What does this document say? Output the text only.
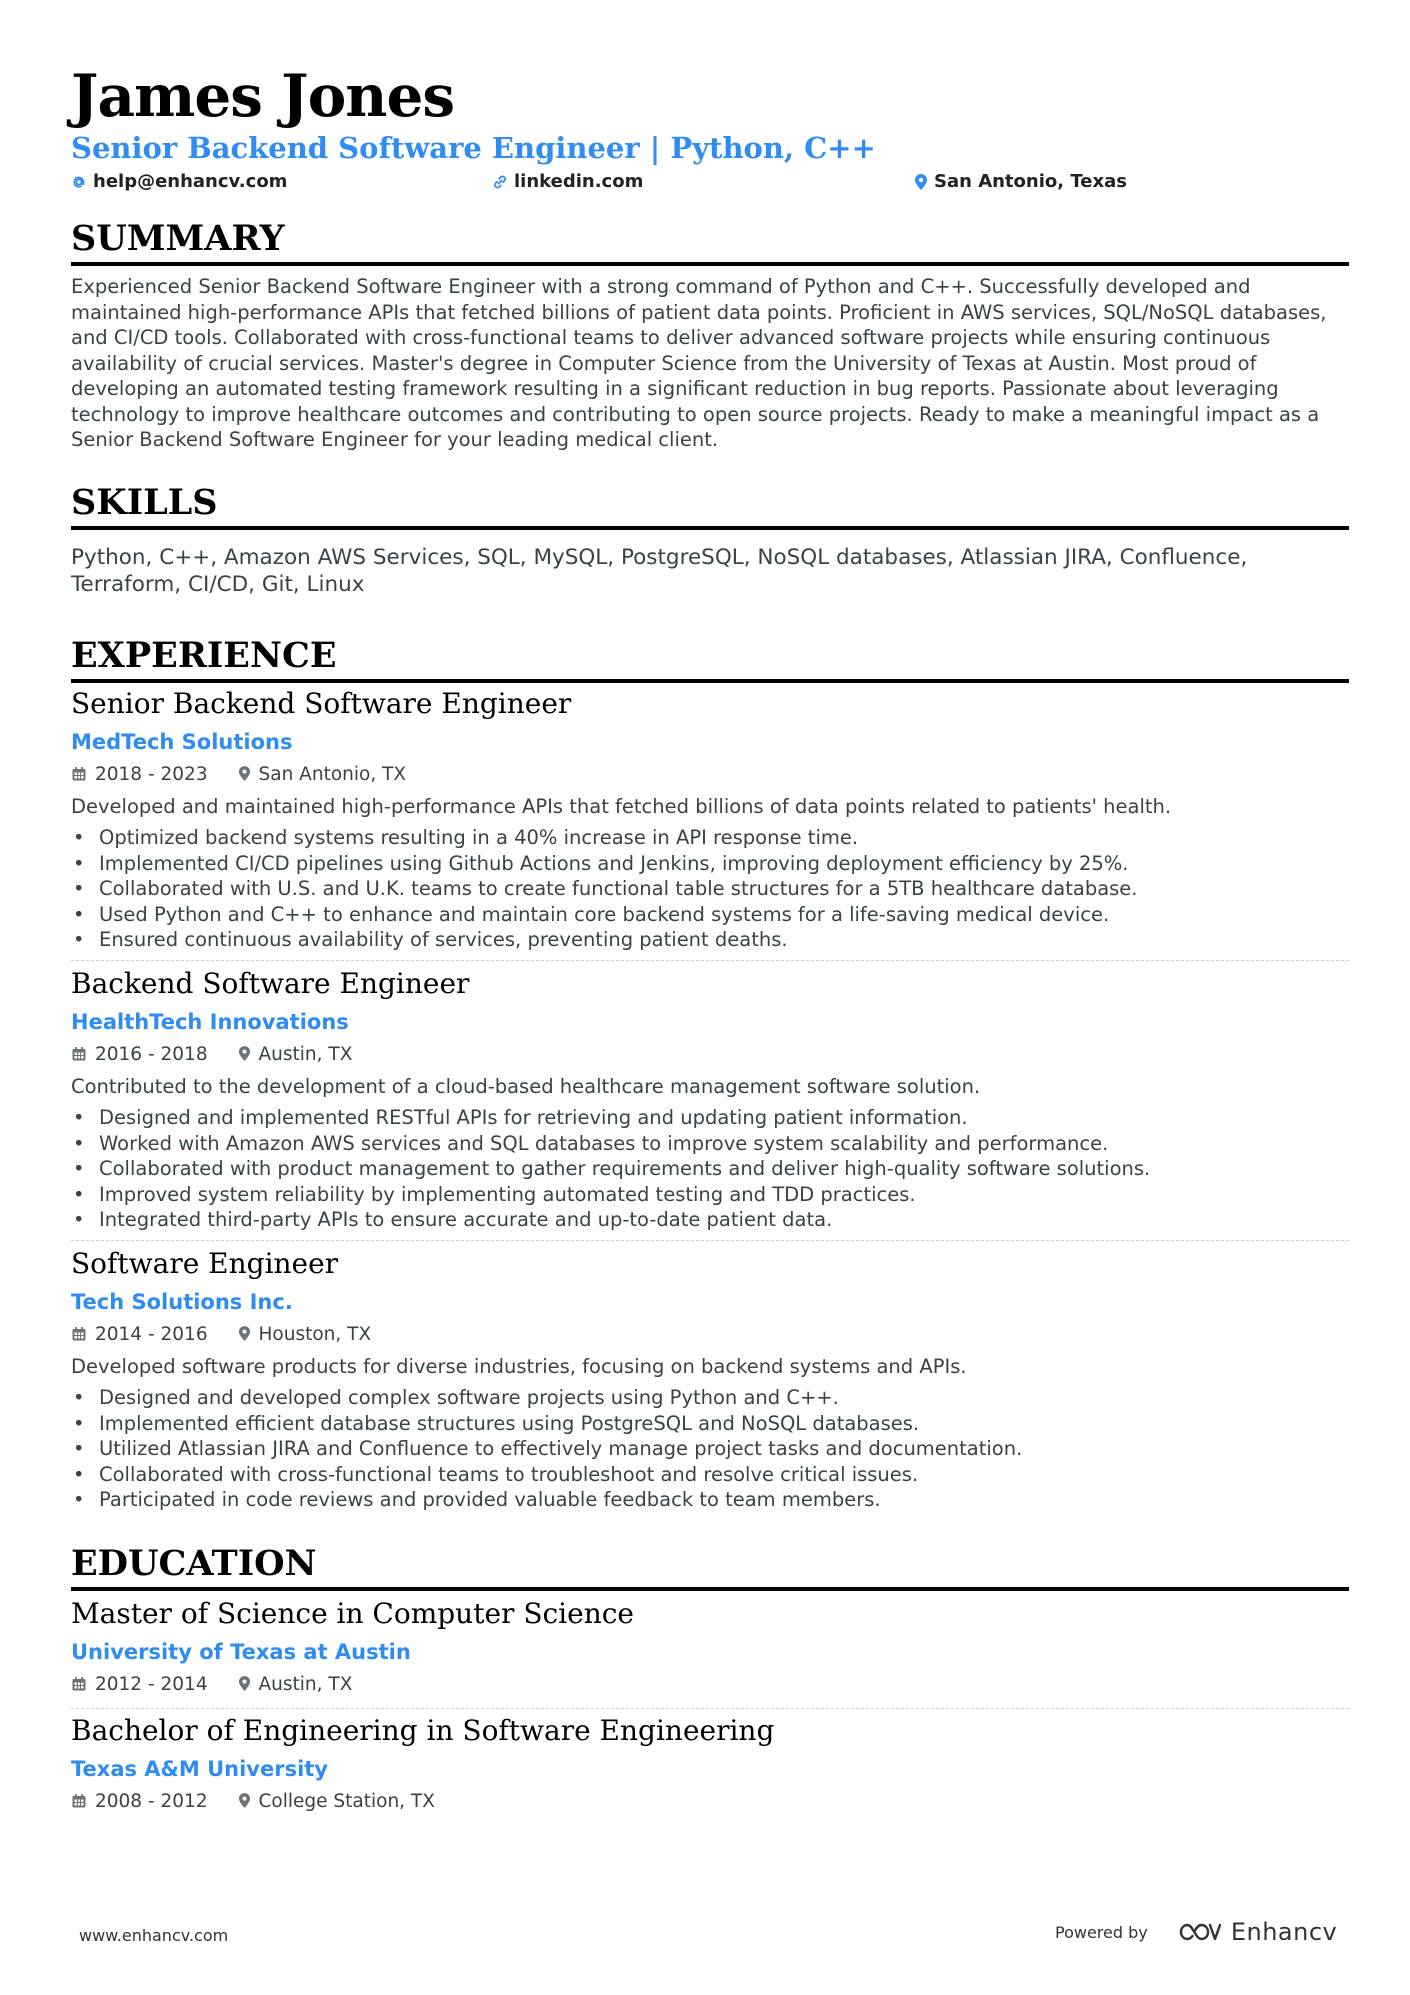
James Jones
Senior Backend Software Engineer | Python, C++
help@enhancv.com	linkedin.com	San Antonio, Texas
SUMMARY
Experienced Senior Backend Software Engineer with a strong command of Python and C++. Successfully developed and maintained high-performance APIs that fetched billions of patient data points. Proficient in AWS services, SQL/NoSQL databases, and CI/CD tools. Collaborated with cross-functional teams to deliver advanced software projects while ensuring continuous availability of crucial services. Master's degree in Computer Science from the University of Texas at Austin. Most proud of developing an automated testing framework resulting in a significant reduction in bug reports. Passionate about leveraging technology to improve healthcare outcomes and contributing to open source projects. Ready to make a meaningful impact as a Senior Backend Software Engineer for your leading medical client.
SKILLS
Python, C++, Amazon AWS Services, SQL, MySQL, PostgreSQL, NoSQL databases, Atlassian JIRA, Confluence, Terraform, CI/CD, Git, Linux
EXPERIENCE
Senior Backend Software Engineer
MedTech Solutions
2018 - 2023	San Antonio, TX
Developed and maintained high-performance APIs that fetched billions of data points related to patients' health.
• Optimized backend systems resulting in a 40% increase in API response time.
• Implemented CI/CD pipelines using Github Actions and Jenkins, improving deployment efficiency by 25%.
• Collaborated with U.S. and U.K. teams to create functional table structures for a 5TB healthcare database.
• Used Python and C++ to enhance and maintain core backend systems for a life-saving medical device.
• Ensured continuous availability of services, preventing patient deaths.
Backend Software Engineer
HealthTech Innovations
2016 - 2018	Austin, TX
Contributed to the development of a cloud-based healthcare management software solution.
• Designed and implemented RESTful APIs for retrieving and updating patient information.
• Worked with Amazon AWS services and SQL databases to improve system scalability and performance.
• Collaborated with product management to gather requirements and deliver high-quality software solutions.
• Improved system reliability by implementing automated testing and TDD practices.
• Integrated third-party APIs to ensure accurate and up-to-date patient data.
Software Engineer
Tech Solutions Inc.
2014 - 2016	Houston, TX
Developed software products for diverse industries, focusing on backend systems and APIs.
• Designed and developed complex software projects using Python and C++.
• Implemented efficient database structures using PostgreSQL and NoSQL databases.
• Utilized Atlassian JIRA and Confluence to effectively manage project tasks and documentation.
• Collaborated with cross-functional teams to troubleshoot and resolve critical issues.
• Participated in code reviews and provided valuable feedback to team members.
EDUCATION
Master of Science in Computer Science
University of Texas at Austin
2012 - 2014	Austin, TX
Bachelor of Engineering in Software Engineering
Texas A&M University
2008 - 2012	College Station, TX
www.enhancv.com	Powered by	Enhancv
